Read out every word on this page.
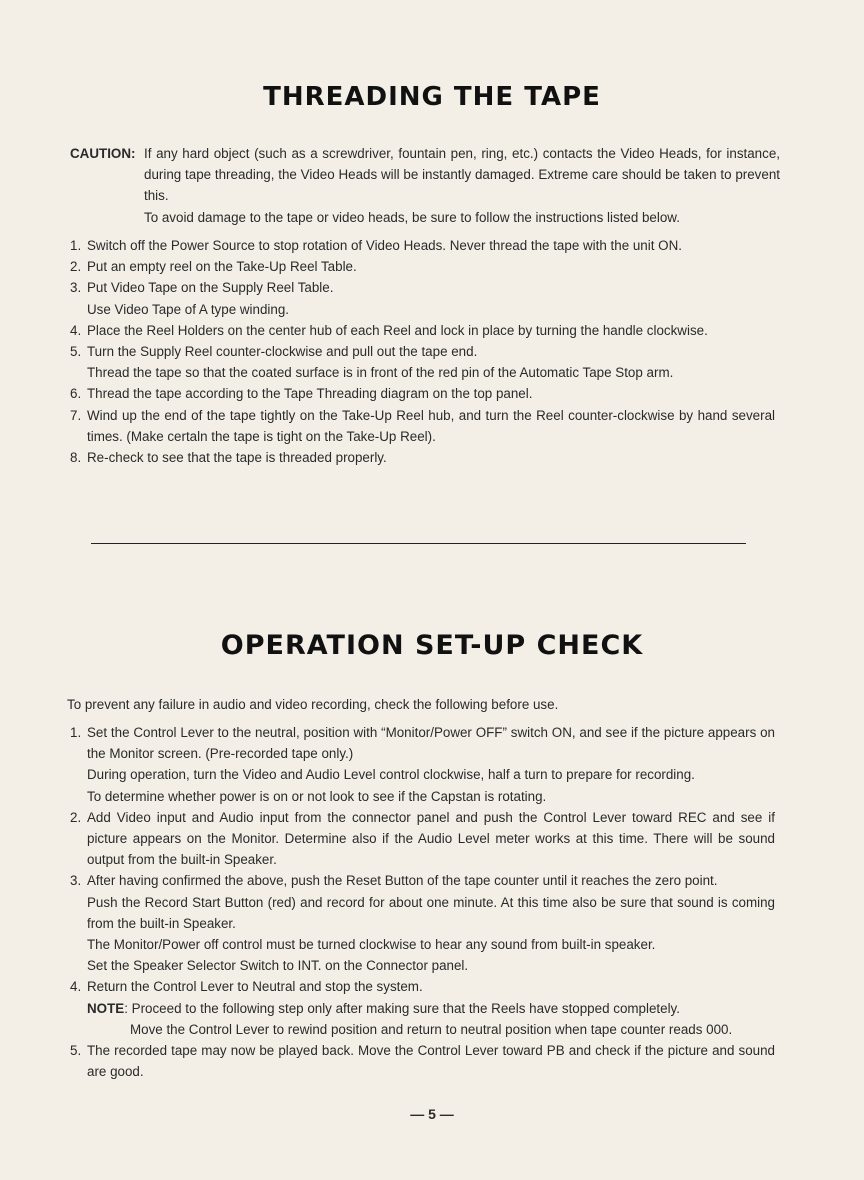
THREADING THE TAPE
CAUTION: If any hard object (such as a screwdriver, fountain pen, ring, etc.) contacts the Video Heads, for instance, during tape threading, the Video Heads will be instantly damaged. Extreme care should be taken to prevent this.
To avoid damage to the tape or video heads, be sure to follow the instructions listed below.
1. Switch off the Power Source to stop rotation of Video Heads. Never thread the tape with the unit ON.
2. Put an empty reel on the Take-Up Reel Table.
3. Put Video Tape on the Supply Reel Table.
Use Video Tape of A type winding.
4. Place the Reel Holders on the center hub of each Reel and lock in place by turning the handle clockwise.
5. Turn the Supply Reel counter-clockwise and pull out the tape end.
Thread the tape so that the coated surface is in front of the red pin of the Automatic Tape Stop arm.
6. Thread the tape according to the Tape Threading diagram on the top panel.
7. Wind up the end of the tape tightly on the Take-Up Reel hub, and turn the Reel counter-clockwise by hand several times. (Make certaln the tape is tight on the Take-Up Reel).
8. Re-check to see that the tape is threaded properly.
OPERATION SET-UP CHECK
To prevent any failure in audio and video recording, check the following before use.
1. Set the Control Lever to the neutral, position with “Monitor/Power OFF” switch ON, and see if the picture appears on the Monitor screen. (Pre-recorded tape only.)
During operation, turn the Video and Audio Level control clockwise, half a turn to prepare for recording.
To determine whether power is on or not look to see if the Capstan is rotating.
2. Add Video input and Audio input from the connector panel and push the Control Lever toward REC and see if picture appears on the Monitor. Determine also if the Audio Level meter works at this time. There will be sound output from the built-in Speaker.
3. After having confirmed the above, push the Reset Button of the tape counter until it reaches the zero point.
Push the Record Start Button (red) and record for about one minute. At this time also be sure that sound is coming from the built-in Speaker.
The Monitor/Power off control must be turned clockwise to hear any sound from built-in speaker.
Set the Speaker Selector Switch to INT. on the Connector panel.
4. Return the Control Lever to Neutral and stop the system.
NOTE: Proceed to the following step only after making sure that the Reels have stopped completely.
Move the Control Lever to rewind position and return to neutral position when tape counter reads 000.
5. The recorded tape may now be played back. Move the Control Lever toward PB and check if the picture and sound are good.
— 5 —
